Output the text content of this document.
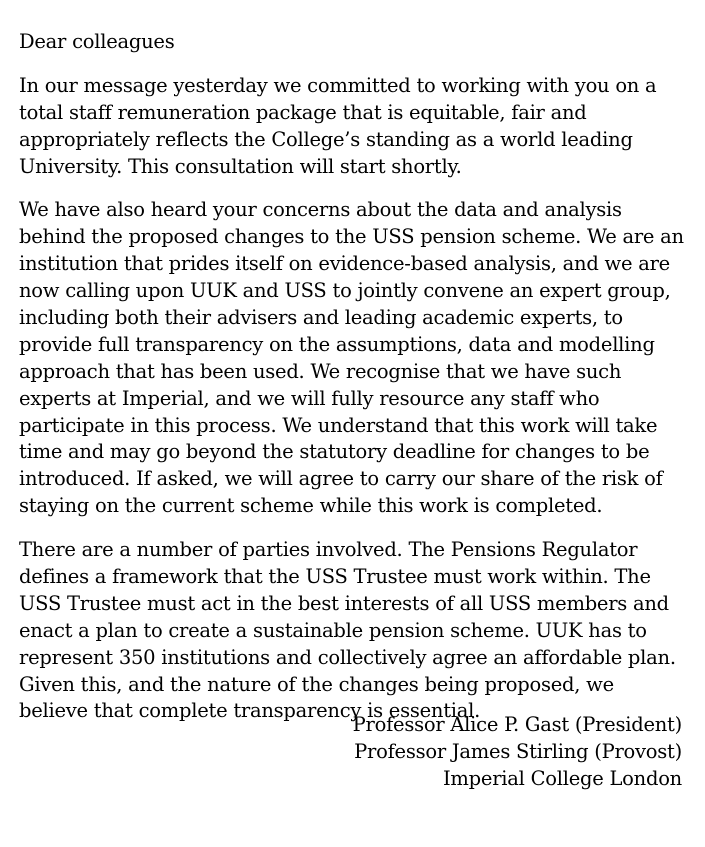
Dear colleagues
In our message yesterday we committed to working with you on a
total staff remuneration package that is equitable, fair and
appropriately reflects the College’s standing as a world leading
University. This consultation will start shortly.
We have also heard your concerns about the data and analysis
behind the proposed changes to the USS pension scheme. We are an
institution that prides itself on evidence-based analysis, and we are
now calling upon UUK and USS to jointly convene an expert group,
including both their advisers and leading academic experts, to
provide full transparency on the assumptions, data and modelling
approach that has been used. We recognise that we have such
experts at Imperial, and we will fully resource any staff who
participate in this process. We understand that this work will take
time and may go beyond the statutory deadline for changes to be
introduced. If asked, we will agree to carry our share of the risk of
staying on the current scheme while this work is completed.
There are a number of parties involved. The Pensions Regulator
defines a framework that the USS Trustee must work within. The
USS Trustee must act in the best interests of all USS members and
enact a plan to create a sustainable pension scheme. UUK has to
represent 350 institutions and collectively agree an affordable plan.
Given this, and the nature of the changes being proposed, we
believe that complete transparency is essential.
Professor Alice P. Gast (President)
Professor James Stirling (Provost)
Imperial College London
